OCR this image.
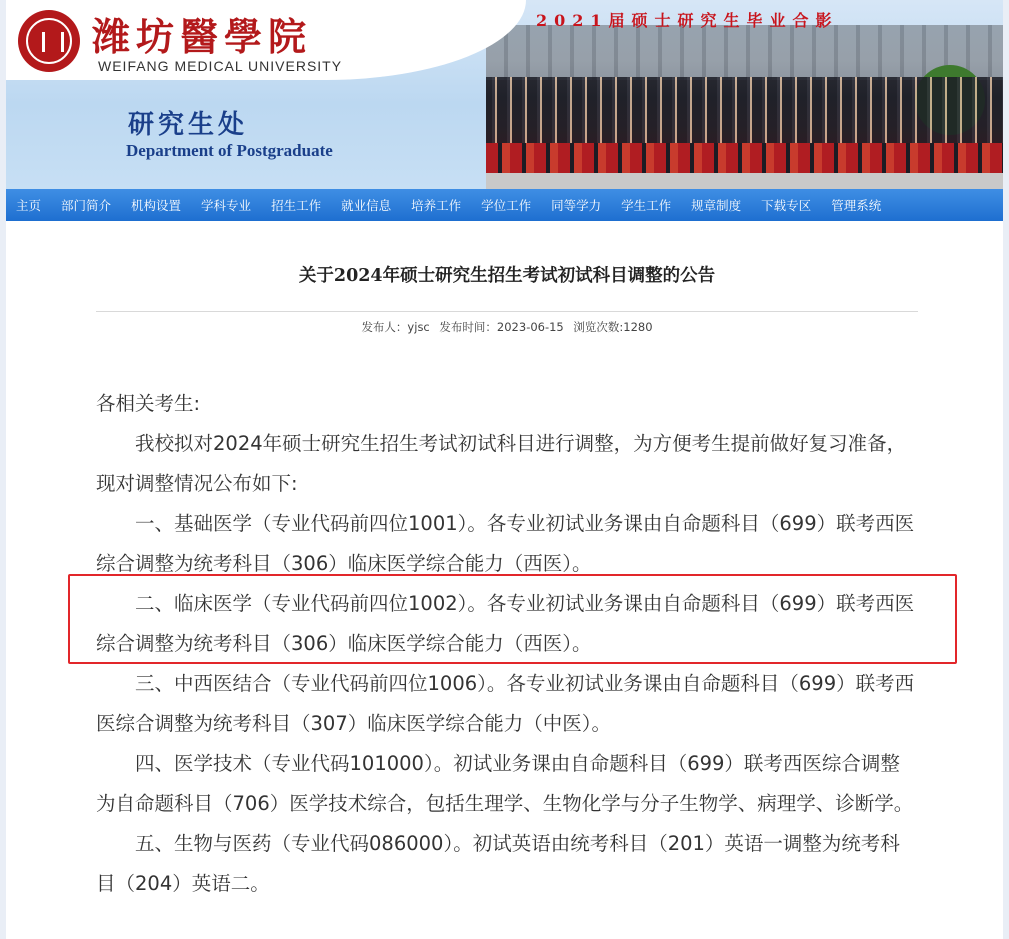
潍坊醫學院
WEIFANG MEDICAL UNIVERSITY
2021届硕士研究生毕业合影
研究生处
Department of Postgraduate
主页 部门简介 机构设置 学科专业 招生工作 就业信息 培养工作 学位工作 同等学力 学生工作 规章制度 下载专区 管理系统
关于2024年硕士研究生招生考试初试科目调整的公告
发布人：yjsc 发布时间：2023-06-15 浏览次数:1280

各相关考生:

我校拟对2024年硕士研究生招生考试初试科目进行调整，为方便考生提前做好复习准备，现对调整情况公布如下:

一、基础医学（专业代码前四位1001）。各专业初试业务课由自命题科目（699）联考西医综合调整为统考科目（306）临床医学综合能力（西医）。

二、临床医学（专业代码前四位1002）。各专业初试业务课由自命题科目（699）联考西医综合调整为统考科目（306）临床医学综合能力（西医）。

三、中西医结合（专业代码前四位1006）。各专业初试业务课由自命题科目（699）联考西医综合调整为统考科目（307）临床医学综合能力（中医）。

四、医学技术（专业代码101000）。初试业务课由自命题科目（699）联考西医综合调整为自命题科目（706）医学技术综合，包括生理学、生物化学与分子生物学、病理学、诊断学。

五、生物与医药（专业代码086000）。初试英语由统考科目（201）英语一调整为统考科目（204）英语二。
